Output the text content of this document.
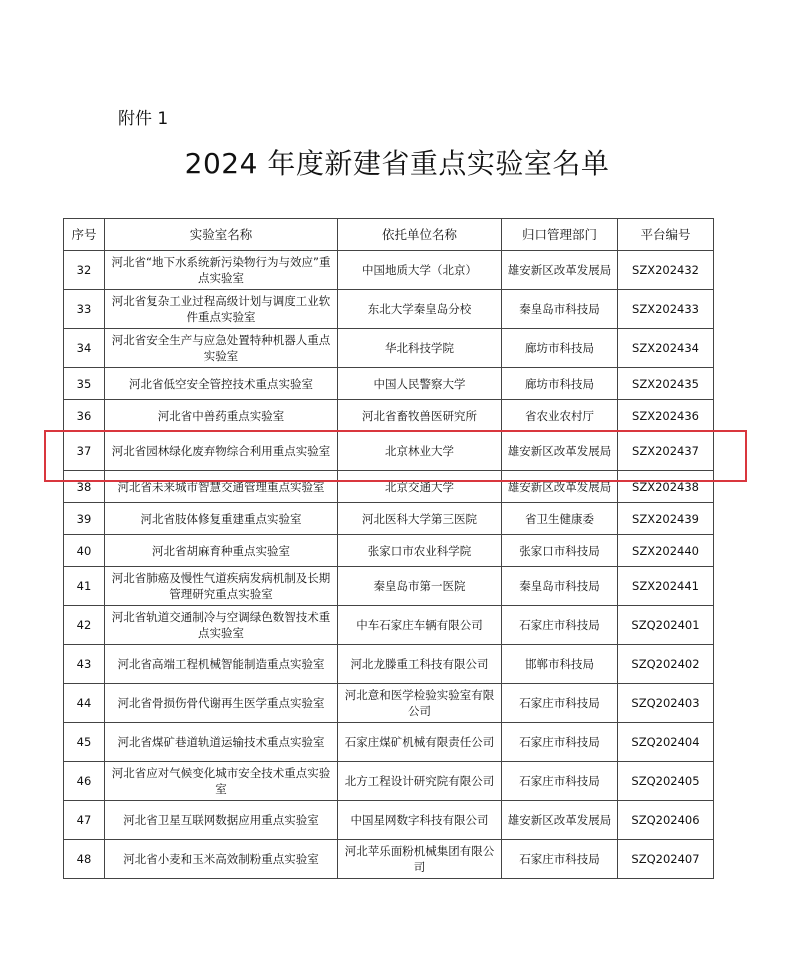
附件 1
2024 年度新建省重点实验室名单
序号	实验室名称	依托单位名称	归口管理部门	平台编号
32	河北省“地下水系统新污染物行为与效应”重点实验室	中国地质大学（北京）	雄安新区改革发展局	SZX202432
33	河北省复杂工业过程高级计划与调度工业软件重点实验室	东北大学秦皇岛分校	秦皇岛市科技局	SZX202433
34	河北省安全生产与应急处置特种机器人重点实验室	华北科技学院	廊坊市科技局	SZX202434
35	河北省低空安全管控技术重点实验室	中国人民警察大学	廊坊市科技局	SZX202435
36	河北省中兽药重点实验室	河北省畜牧兽医研究所	省农业农村厅	SZX202436
37	河北省园林绿化废弃物综合利用重点实验室	北京林业大学	雄安新区改革发展局	SZX202437
38	河北省未来城市智慧交通管理重点实验室	北京交通大学	雄安新区改革发展局	SZX202438
39	河北省肢体修复重建重点实验室	河北医科大学第三医院	省卫生健康委	SZX202439
40	河北省胡麻育种重点实验室	张家口市农业科学院	张家口市科技局	SZX202440
41	河北省肺癌及慢性气道疾病发病机制及长期管理研究重点实验室	秦皇岛市第一医院	秦皇岛市科技局	SZX202441
42	河北省轨道交通制冷与空调绿色数智技术重点实验室	中车石家庄车辆有限公司	石家庄市科技局	SZQ202401
43	河北省高端工程机械智能制造重点实验室	河北龙滕重工科技有限公司	邯郸市科技局	SZQ202402
44	河北省骨损伤骨代谢再生医学重点实验室	河北意和医学检验实验室有限公司	石家庄市科技局	SZQ202403
45	河北省煤矿巷道轨道运输技术重点实验室	石家庄煤矿机械有限责任公司	石家庄市科技局	SZQ202404
46	河北省应对气候变化城市安全技术重点实验室	北方工程设计研究院有限公司	石家庄市科技局	SZQ202405
47	河北省卫星互联网数据应用重点实验室	中国星网数字科技有限公司	雄安新区改革发展局	SZQ202406
48	河北省小麦和玉米高效制粉重点实验室	河北苹乐面粉机械集团有限公司	石家庄市科技局	SZQ202407
